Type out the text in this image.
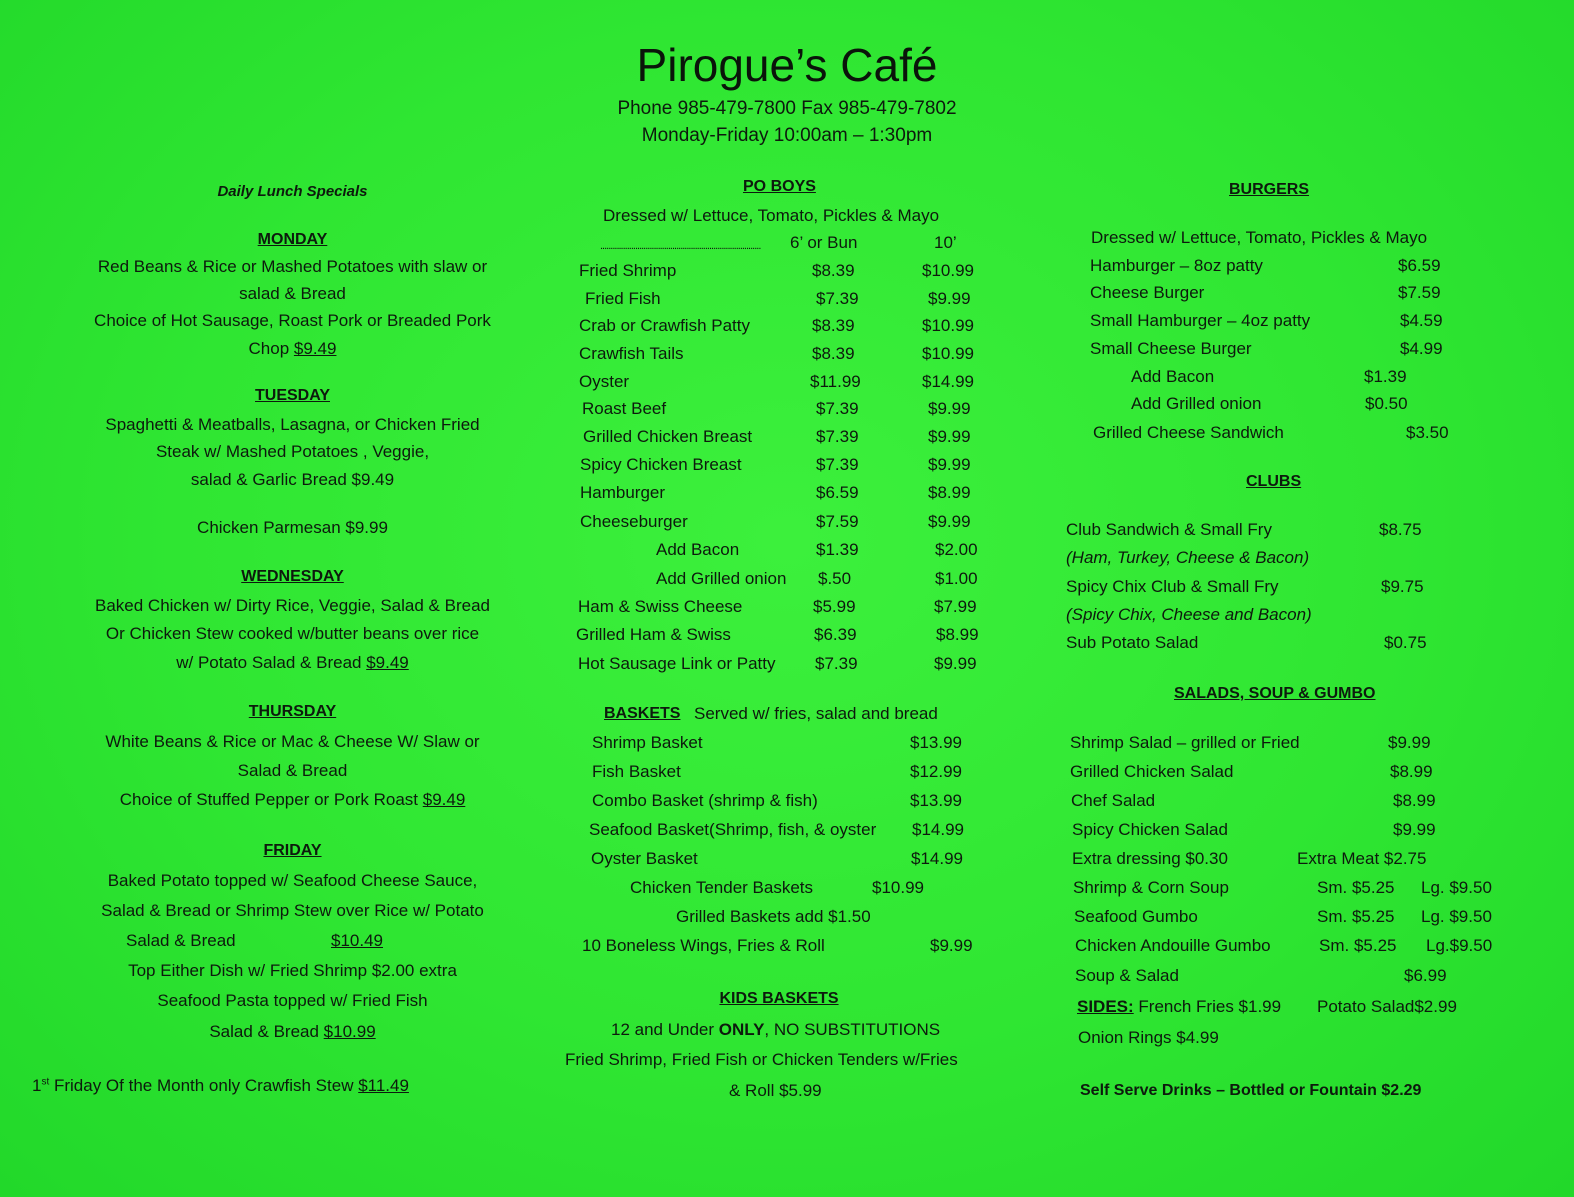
Pirogue’s Café
Phone 985-479-7800 Fax 985-479-7802
Monday-Friday 10:00am – 1:30pm
Daily Lunch Specials
MONDAY
Red Beans & Rice or Mashed Potatoes with slaw or
salad & Bread
Choice of Hot Sausage, Roast Pork or Breaded Pork
Chop $9.49
TUESDAY
Spaghetti & Meatballs, Lasagna, or Chicken Fried
Steak w/ Mashed Potatoes , Veggie,
salad & Garlic Bread $9.49
Chicken Parmesan $9.99
WEDNESDAY
Baked Chicken w/ Dirty Rice, Veggie, Salad & Bread
Or Chicken Stew cooked w/butter beans over rice
w/ Potato Salad & Bread $9.49
THURSDAY
White Beans & Rice or Mac & Cheese W/ Slaw or
Salad & Bread
Choice of Stuffed Pepper or Pork Roast $9.49
FRIDAY
Baked Potato topped w/ Seafood Cheese Sauce,
Salad & Bread or Shrimp Stew over Rice w/ Potato
Salad & Bread	$10.49
Top Either Dish w/ Fried Shrimp $2.00 extra
Seafood Pasta topped w/ Fried Fish
Salad & Bread $10.99
1st Friday Of the Month only Crawfish Stew $11.49
PO BOYS
Dressed w/ Lettuce, Tomato, Pickles & Mayo
..............................................................................	6’ or Bun	10’
Fried Shrimp	$8.39	$10.99
Fried Fish	$7.39	$9.99
Crab or Crawfish Patty	$8.39	$10.99
Crawfish Tails	$8.39	$10.99
Oyster	$11.99	$14.99
Roast Beef	$7.39	$9.99
Grilled Chicken Breast	$7.39	$9.99
Spicy Chicken Breast	$7.39	$9.99
Hamburger	$6.59	$8.99
Cheeseburger	$7.59	$9.99
Add Bacon	$1.39	$2.00
Add Grilled onion $.50	$1.00
Ham & Swiss Cheese	$5.99	$7.99
Grilled Ham & Swiss	$6.39	$8.99
Hot Sausage Link or Patty $7.39	$9.99
BASKETS Served w/ fries, salad and bread
Shrimp Basket	$13.99
Fish Basket	$12.99
Combo Basket (shrimp & fish)	$13.99
Seafood Basket(Shrimp, fish, & oyster $14.99
Oyster Basket	$14.99
Chicken Tender Baskets	$10.99
Grilled Baskets add $1.50
10 Boneless Wings, Fries & Roll	$9.99
KIDS BASKETS
12 and Under ONLY, NO SUBSTITUTIONS
Fried Shrimp, Fried Fish or Chicken Tenders w/Fries
& Roll $5.99
BURGERS
Dressed w/ Lettuce, Tomato, Pickles & Mayo
Hamburger – 8oz patty	$6.59
Cheese Burger	$7.59
Small Hamburger – 4oz patty	$4.59
Small Cheese Burger	$4.99
Add Bacon	$1.39
Add Grilled onion	$0.50
Grilled Cheese Sandwich	$3.50
CLUBS
Club Sandwich & Small Fry	$8.75
(Ham, Turkey, Cheese & Bacon)
Spicy Chix Club & Small Fry	$9.75
(Spicy Chix, Cheese and Bacon)
Sub Potato Salad	$0.75
SALADS, SOUP & GUMBO
Shrimp Salad – grilled or Fried	$9.99
Grilled Chicken Salad	$8.99
Chef Salad	$8.99
Spicy Chicken Salad	$9.99
Extra dressing $0.30	Extra Meat $2.75
Shrimp & Corn Soup	Sm. $5.25 Lg. $9.50
Seafood Gumbo	Sm. $5.25 Lg. $9.50
Chicken Andouille Gumbo	Sm. $5.25 Lg.$9.50
Soup & Salad	$6.99
SIDES: French Fries $1.99 Potato Salad$2.99
Onion Rings $4.99
Self Serve Drinks – Bottled or Fountain $2.29
